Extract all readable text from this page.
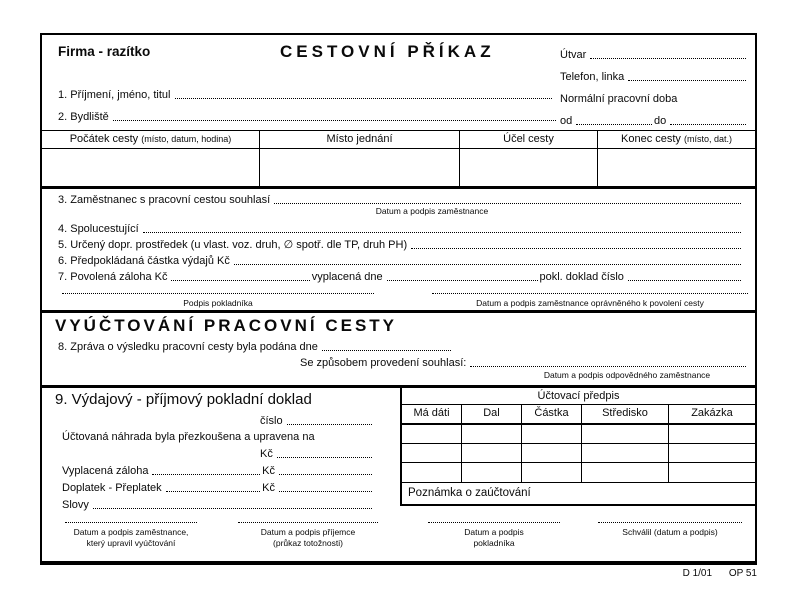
Firma - razítko	CESTOVNÍ PŘÍKAZ	Útvar
Telefon, linka
Normální pracovní doba
od	do
1. Příjmení, jméno, titul
2. Bydliště
Počátek cesty (místo, datum, hodina)	Místo jednání	Účel cesty	Konec cesty (místo, dat.)
3. Zaměstnanec s pracovní cestou souhlasí
Datum a podpis zaměstnance
4. Spolucestující
5. Určený dopr. prostředek (u vlast. voz. druh, ∅ spotř. dle TP, druh PH)
6. Předpokládaná částka výdajů Kč
7. Povolená záloha Kč	vyplacená dne	pokl. doklad číslo
Podpis pokladníka	Datum a podpis zaměstnance oprávněného k povolení cesty
VYÚČTOVÁNÍ PRACOVNÍ CESTY
8. Zpráva o výsledku pracovní cesty byla podána dne
Se způsobem provedení souhlasí:
Datum a podpis odpovědného zaměstnance
9. Výdajový - příjmový pokladní doklad
číslo
Účtovaná náhrada byla přezkoušena a upravena na
Kč
Vyplacená záloha	Kč
Doplatek - Přeplatek	Kč
Slovy
Účtovací předpis
Má dáti	Dal	Částka	Středisko	Zakázka
Poznámka o zaúčtování
Datum a podpis zaměstnance,
který upravil vyúčtování
Datum a podpis příjemce
(průkaz totožnosti)
Datum a podpis
pokladníka
Schválil (datum a podpis)
D 1/01 OP 51
